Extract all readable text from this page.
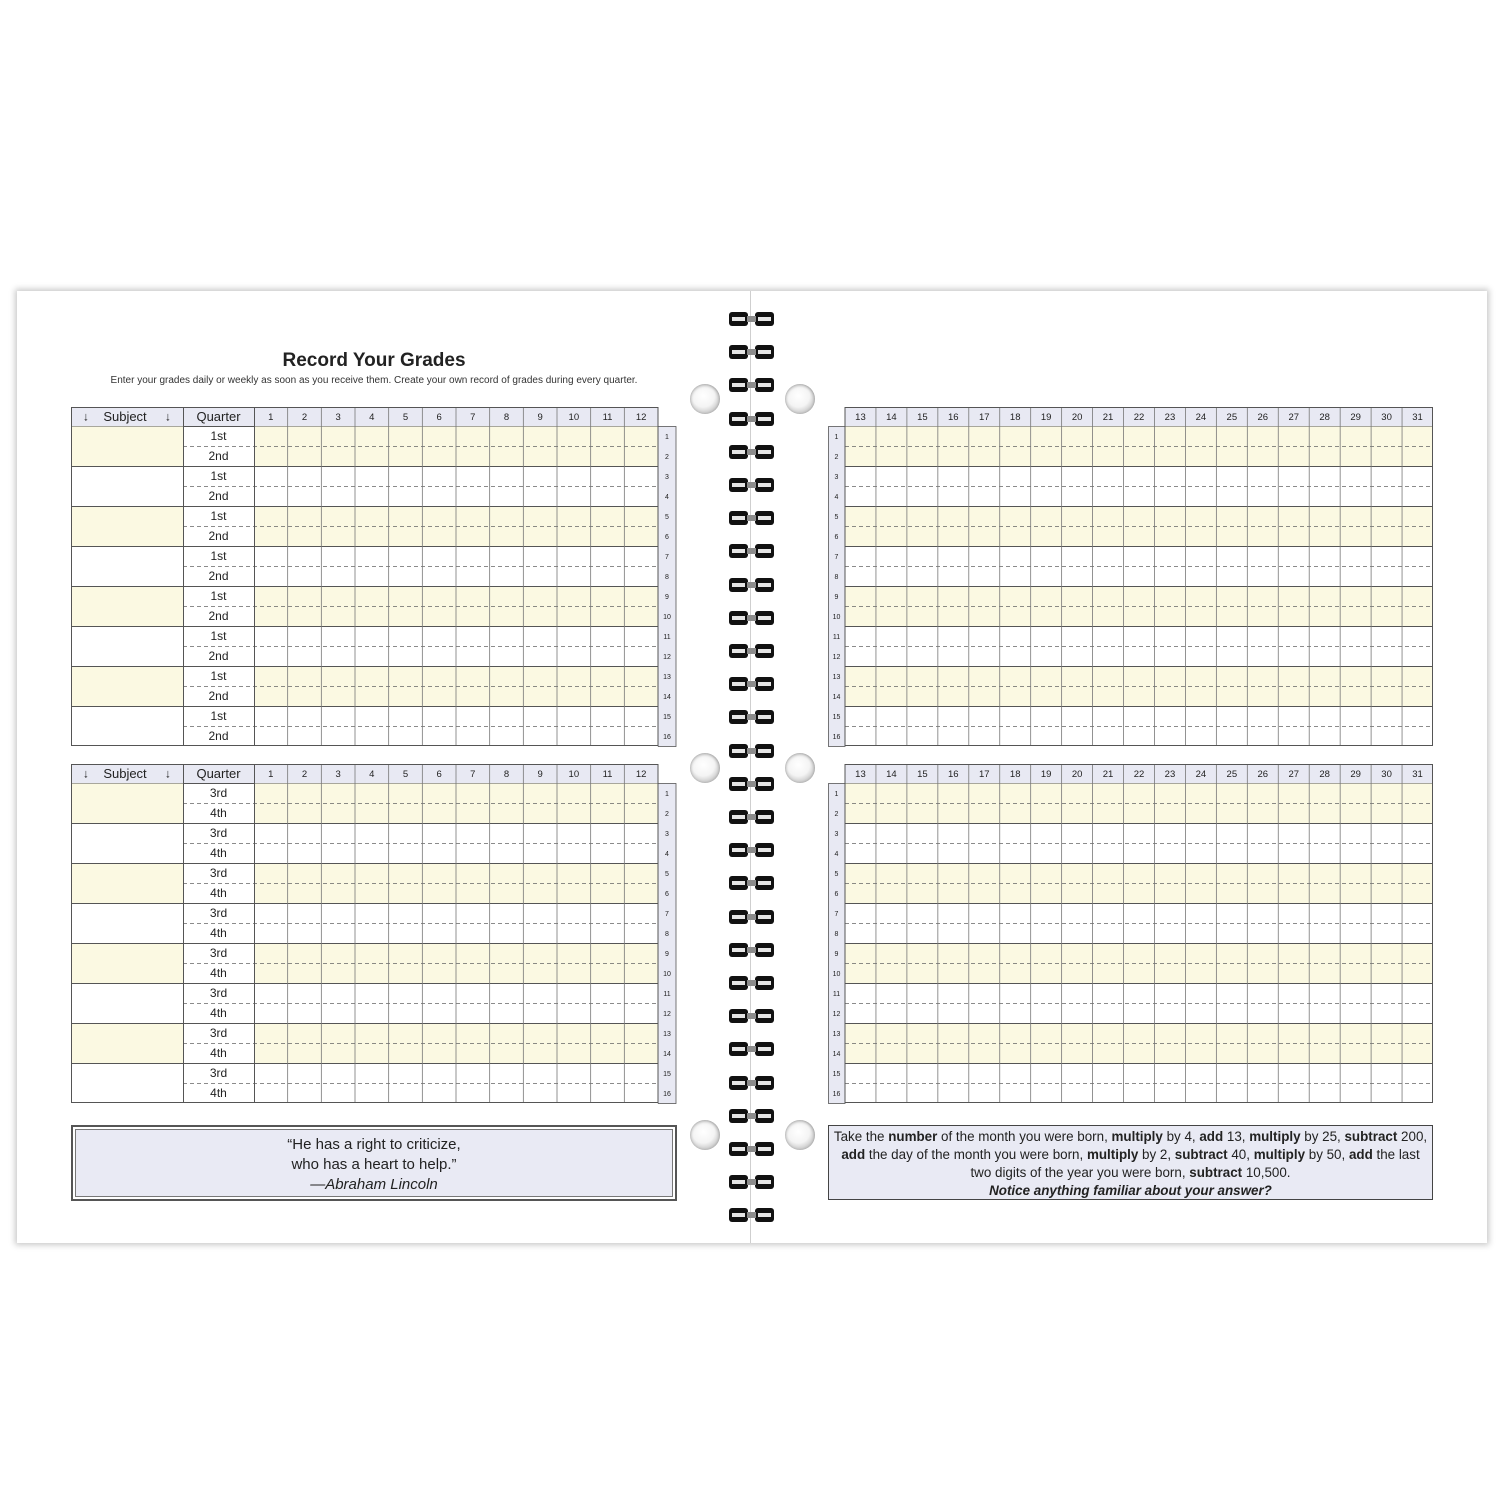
Record Your Grades
Enter your grades daily or weekly as soon as you receive them. Create your own record of grades during every quarter.
↓ Subject ↓ Quarter	1	2	3	4	5	6	7	8	9	10 11 12
1st	1
2nd	2
1st	3
2nd	4
1st	5
2nd	6
1st	7
2nd	8
1st	9
2nd	10
1st	11
2nd	12
1st	13
2nd	14
1st	15
2nd	16
↓ Subject ↓ Quarter	1	2	3	4	5	6	7	8	9	10 11 12
3rd	1
4th	2
3rd	3
4th	4
3rd	5
4th	6
3rd	7
4th	8
3rd	9
4th	10
3rd	11
4th	12
3rd	13
4th	14
3rd	15
4th	16
13 14 15 16 17 18 19 20 21 22 23 24 25 26 27 28 29 30 31
1
2
3
4
5
6
7
8
9
10
11
12
13
14
15
16
13 14 15 16 17 18 19 20 21 22 23 24 25 26 27 28 29 30 31
1
2
3
4
5
6
7
8
9
10
11
12
13
14
15
16
“He has a right to criticize,
who has a heart to help.”
—Abraham Lincoln
Take the number of the month you were born, multiply by 4, add 13, multiply by 25, subtract 200,
add the day of the month you were born, multiply by 2, subtract 40, multiply by 50, add the last
two digits of the year you were born, subtract 10,500.
Notice anything familiar about your answer?
